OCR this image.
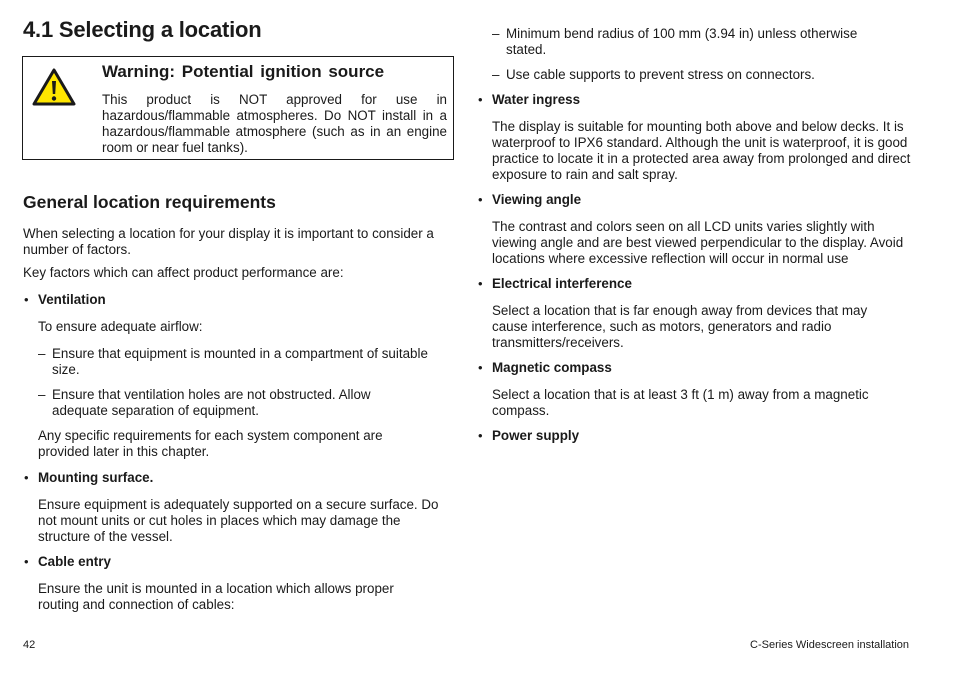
4.1 Selecting a location
Warning: Potential ignition source

This product is NOT approved for use in hazardous/flammable atmospheres. Do NOT install in a hazardous/flammable atmosphere (such as in an engine room or near fuel tanks).

General location requirements

When selecting a location for your display it is important to consider a number of factors.

Key factors which can affect product performance are:

• Ventilation

To ensure adequate airflow:

– Ensure that equipment is mounted in a compartment of suitable size.

– Ensure that ventilation holes are not obstructed. Allow adequate separation of equipment.

Any specific requirements for each system component are provided later in this chapter.

• Mounting surface.

Ensure equipment is adequately supported on a secure surface. Do not mount units or cut holes in places which may damage the structure of the vessel.

• Cable entry

Ensure the unit is mounted in a location which allows proper routing and connection of cables:

– Minimum bend radius of 100 mm (3.94 in) unless otherwise stated.

– Use cable supports to prevent stress on connectors.

• Water ingress

The display is suitable for mounting both above and below decks. It is waterproof to IPX6 standard. Although the unit is waterproof, it is good practice to locate it in a protected area away from prolonged and direct exposure to rain and salt spray.

• Viewing angle

The contrast and colors seen on all LCD units varies slightly with viewing angle and are best viewed perpendicular to the display. Avoid locations where excessive reflection will occur in normal use

• Electrical interference

Select a location that is far enough away from devices that may cause interference, such as motors, generators and radio transmitters/receivers.

• Magnetic compass

Select a location that is at least 3 ft (1 m) away from a magnetic compass.

• Power supply

42	C-Series Widescreen installation
